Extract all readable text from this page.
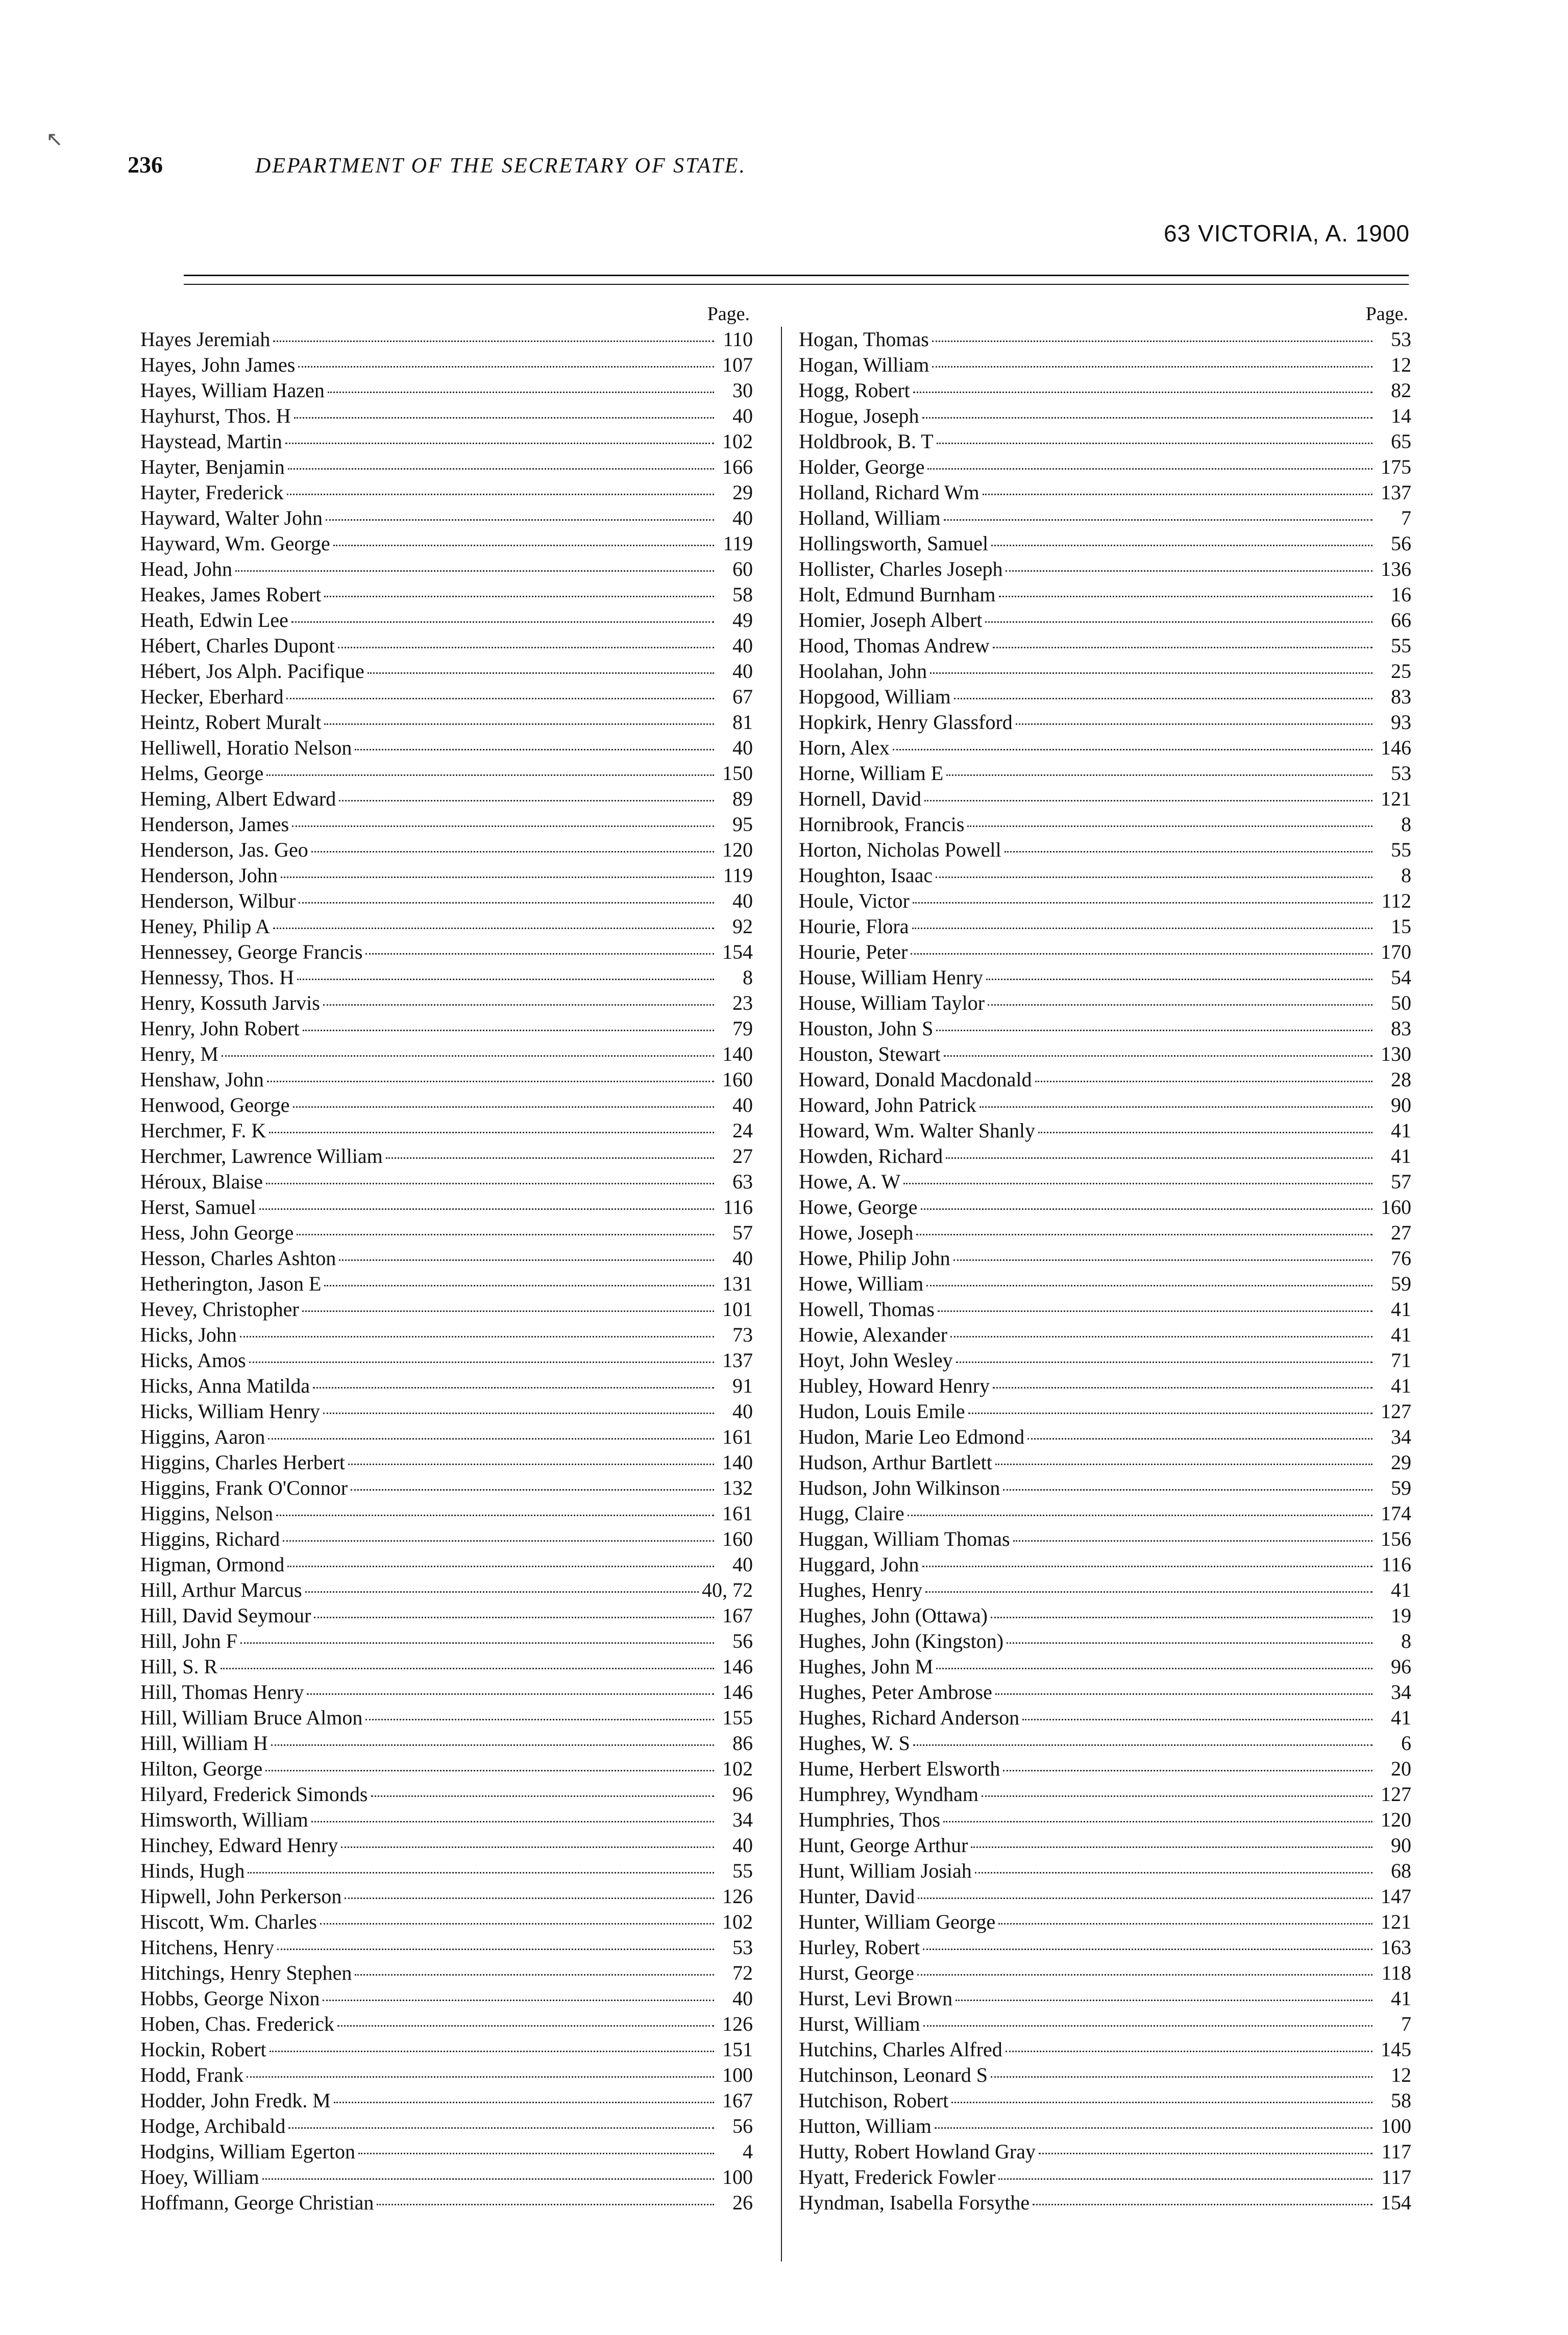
236	DEPARTMENT OF THE SECRETARY OF STATE.
63 VICTORIA, A. 1900
Page.
Hayes Jeremiah	110
Hayes, John James	107
Hayes, William Hazen	30
Hayhurst, Thos. H	40
Haystead, Martin	102
Hayter, Benjamin	166
Hayter, Frederick	29
Hayward, Walter John	40
Hayward, Wm. George	119
Head, John	60
Heakes, James Robert	58
Heath, Edwin Lee	49
Hébert, Charles Dupont	40
Hébert, Jos Alph. Pacifique	40
Hecker, Eberhard	67
Heintz, Robert Muralt	81
Helliwell, Horatio Nelson	40
Helms, George	150
Heming, Albert Edward	89
Henderson, James	95
Henderson, Jas. Geo	120
Henderson, John	119
Henderson, Wilbur	40
Heney, Philip A	92
Hennessey, George Francis	154
Hennessy, Thos. H	8
Henry, Kossuth Jarvis	23
Henry, John Robert	79
Henry, M	140
Henshaw, John	160
Henwood, George	40
Herchmer, F. K	24
Herchmer, Lawrence William	27
Héroux, Blaise	63
Herst, Samuel	116
Hess, John George	57
Hesson, Charles Ashton	40
Hetherington, Jason E	131
Hevey, Christopher	101
Hicks, John	73
Hicks, Amos	137
Hicks, Anna Matilda	91
Hicks, William Henry	40
Higgins, Aaron	161
Higgins, Charles Herbert	140
Higgins, Frank O'Connor	132
Higgins, Nelson	161
Higgins, Richard	160
Higman, Ormond	40
Hill, Arthur Marcus	40, 72
Hill, David Seymour	167
Hill, John F	56
Hill, S. R	146
Hill, Thomas Henry	146
Hill, William Bruce Almon	155
Hill, William H	86
Hilton, George	102
Hilyard, Frederick Simonds	96
Himsworth, William	34
Hinchey, Edward Henry	40
Hinds, Hugh	55
Hipwell, John Perkerson	126
Hiscott, Wm. Charles	102
Hitchens, Henry	53
Hitchings, Henry Stephen	72
Hobbs, George Nixon	40
Hoben, Chas. Frederick	126
Hockin, Robert	151
Hodd, Frank	100
Hodder, John Fredk. M	167
Hodge, Archibald	56
Hodgins, William Egerton	4
Hoey, William	100
Hoffmann, George Christian	26
Page.
Hogan, Thomas	53
Hogan, William	12
Hogg, Robert	82
Hogue, Joseph	14
Holdbrook, B. T	65
Holder, George	175
Holland, Richard Wm	137
Holland, William	7
Hollingsworth, Samuel	56
Hollister, Charles Joseph	136
Holt, Edmund Burnham	16
Homier, Joseph Albert	66
Hood, Thomas Andrew	55
Hoolahan, John	25
Hopgood, William	83
Hopkirk, Henry Glassford	93
Horn, Alex	146
Horne, William E	53
Hornell, David	121
Hornibrook, Francis	8
Horton, Nicholas Powell	55
Houghton, Isaac	8
Houle, Victor	112
Hourie, Flora	15
Hourie, Peter	170
House, William Henry	54
House, William Taylor	50
Houston, John S	83
Houston, Stewart	130
Howard, Donald Macdonald	28
Howard, John Patrick	90
Howard, Wm. Walter Shanly	41
Howden, Richard	41
Howe, A. W	57
Howe, George	160
Howe, Joseph	27
Howe, Philip John	76
Howe, William	59
Howell, Thomas	41
Howie, Alexander	41
Hoyt, John Wesley	71
Hubley, Howard Henry	41
Hudon, Louis Emile	127
Hudon, Marie Leo Edmond	34
Hudson, Arthur Bartlett	29
Hudson, John Wilkinson	59
Hugg, Claire	174
Huggan, William Thomas	156
Huggard, John	116
Hughes, Henry	41
Hughes, John (Ottawa)	19
Hughes, John (Kingston)	8
Hughes, John M	96
Hughes, Peter Ambrose	34
Hughes, Richard Anderson	41
Hughes, W. S	6
Hume, Herbert Elsworth	20
Humphrey, Wyndham	127
Humphries, Thos	120
Hunt, George Arthur	90
Hunt, William Josiah	68
Hunter, David	147
Hunter, William George	121
Hurley, Robert	163
Hurst, George	118
Hurst, Levi Brown	41
Hurst, William	7
Hutchins, Charles Alfred	145
Hutchinson, Leonard S	12
Hutchison, Robert	58
Hutton, William	100
Hutty, Robert Howland Gray	117
Hyatt, Frederick Fowler	117
Hyndman, Isabella Forsythe	154
↖
